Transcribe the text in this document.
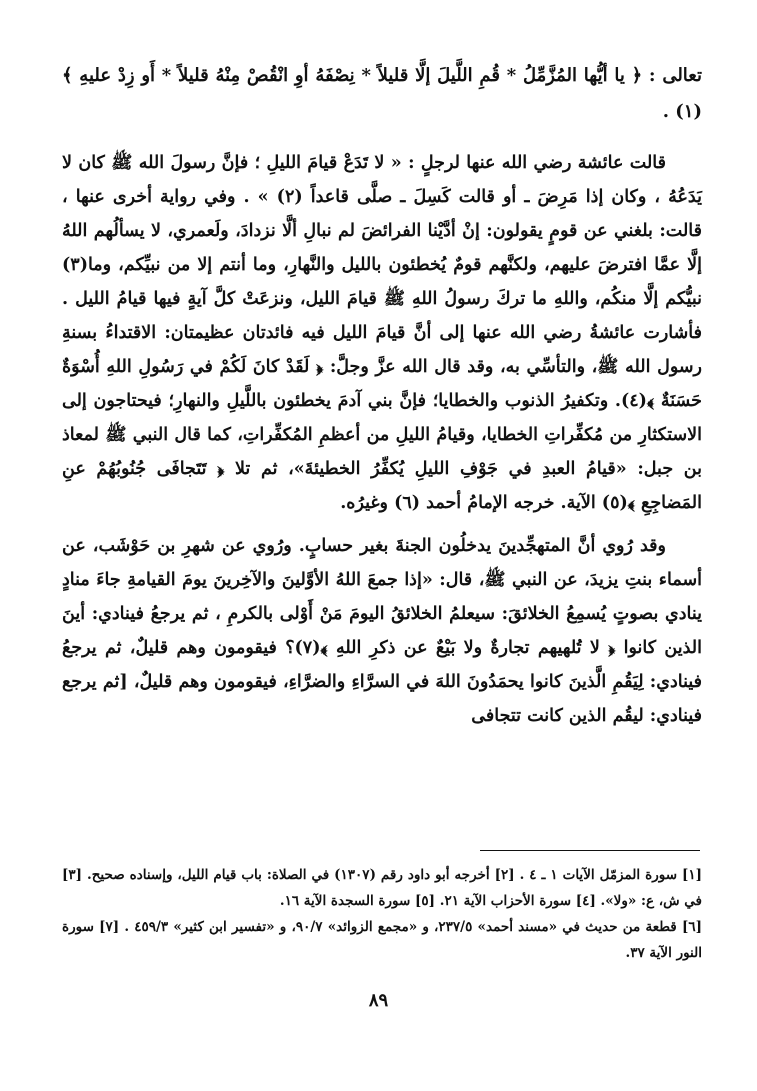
تعالى : ﴿ يا أيُّها المُزَّمِّلُ * قُمِ اللَّيلَ إلَّا قليلاً * نِصْفَهُ أوِ انْقُصْ مِنْهُ قليلاً * أَو زِدْ عليهِ ﴾ (١) .

قالت عائشة رضي الله عنها لرجلٍ : « لا تَدَعْ قيامَ الليلِ ؛ فإنَّ رسولَ الله ﷺ كان لا يَدَعُهُ ، وكان إذا مَرِضَ ـ أو قالت كَسِلَ ـ صلَّى قاعداً (٢) » . وفي رواية أخرى عنها ، قالت: بلغني عن قومٍ يقولون: إنْ أدَّيْنا الفرائضَ لم نبالِ ألَّا نزدادَ، ولَعمري، لا يسألُهم اللهُ إلَّا عمَّا افترضَ عليهم، ولكنَّهم قومٌ يُخطئون بالليل والنَّهارِ، وما أنتم إلا من نبيِّكم، وما(٣) نبيُّكم إلَّا منكُم، واللهِ ما تركَ رسولُ اللهِ ﷺ قيامَ الليل، ونزعَتْ كلَّ آيةٍ فيها قيامُ الليل . فأشارت عائشةُ رضي الله عنها إلى أنَّ قيامَ الليل فيه فائدتان عظيمتان: الاقتداءُ بسنةِ رسول الله ﷺ، والتأسِّي به، وقد قال الله عزَّ وجلَّ: ﴿ لَقَدْ كانَ لَكُمْ في رَسُولِ اللهِ أُسْوَةٌ حَسَنَةٌ ﴾(٤). وتكفيرُ الذنوب والخطايا؛ فإنَّ بني آدمَ يخطئون باللَّيلِ والنهارِ؛ فيحتاجون إلى الاستكثارِ من مُكفِّراتِ الخطايا، وقيامُ الليلِ من أعظمِ المُكفِّراتِ، كما قال النبي ﷺ لمعاذ بن جبل: «قيامُ العبدِ في جَوْفِ الليلِ يُكفِّرُ الخطيئةَ»، ثم تلا ﴿ تَتَجافَى جُنُوبُهُمْ عنِ المَضاجِعِ ﴾(٥) الآية. خرجه الإمامُ أحمد (٦) وغيرُه.

وقد رُوي أنَّ المتهجِّدينَ يدخلُون الجنةَ بغير حسابٍ. ورُوي عن شهرِ بن حَوْشَب، عن أسماء بنتِ يزيدَ، عن النبي ﷺ، قال: «إذا جمعَ اللهُ الأوَّلينَ والآخِرينَ يومَ القيامةِ جاءَ منادٍ ينادي بصوتٍ يُسمِعُ الخلائقَ: سيعلمُ الخلائقُ اليومَ مَنْ أَوْلى بالكرمِ ، ثم يرجعُ فينادي: أينَ الذين كانوا ﴿ لا تُلهيهم تجارةٌ ولا بَيْعٌ عن ذكرِ اللهِ ﴾(٧)؟ فيقومون وهم قليلٌ، ثم يرجعُ فينادي: لِيَقُمِ الَّذينَ كانوا يحمَدُونَ اللهَ في السرَّاءِ والضرَّاءِ، فيقومون وهم قليلٌ، [ثم يرجع فينادي: ليقُم الذين كانت تتجافى

[١] سورة المزمّل الآيات ١ ـ ٤ . [٢] أخرجه أبو داود رقم (١٣٠٧) في الصلاة: باب قيام الليل، وإسناده صحيح. [٣] في ش، ع: «ولا». [٤] سورة الأحزاب الآية ٢١. [٥] سورة السجدة الآية ١٦.

[٦] قطعة من حديث في «مسند أحمد» ٢٣٧/٥، و «مجمع الزوائد» ٩٠/٧، و «تفسير ابن كثير» ٤٥٩/٣ . [٧] سورة النور الآية ٣٧.

٨٩
